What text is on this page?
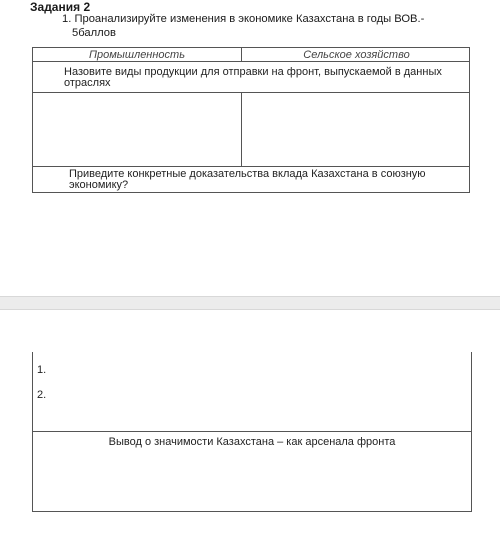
Задания 2
1. Проанализируйте изменения в экономике Казахстана в годы ВОВ.-
5баллов
Промышленность	Сельское хозяйство
Назовите виды продукции для отправки на фронт, выпускаемой в данных
отраслях
Приведите конкретные доказательства вклада Казахстана в союзную
экономику?
1.
2.
Вывод о значимости Казахстана – как арсенала фронта
